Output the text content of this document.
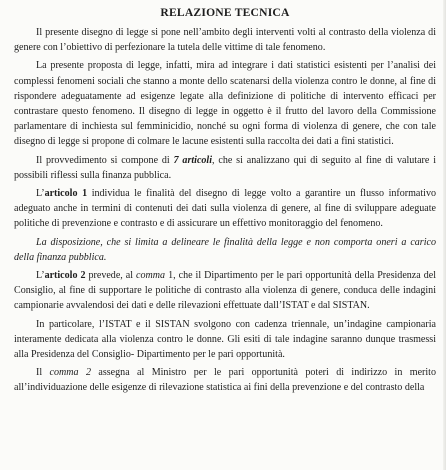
RELAZIONE TECNICA

Il presente disegno di legge si pone nell’ambito degli interventi volti al contrasto della violenza di genere con l’obiettivo di perfezionare la tutela delle vittime di tale fenomeno.

La presente proposta di legge, infatti, mira ad integrare i dati statistici esistenti per l’analisi dei complessi fenomeni sociali che stanno a monte dello scatenarsi della violenza contro le donne, al fine di rispondere adeguatamente ad esigenze legate alla definizione di politiche di intervento efficaci per contrastare questo fenomeno. Il disegno di legge in oggetto è il frutto del lavoro della Commissione parlamentare di inchiesta sul femminicidio, nonché su ogni forma di violenza di genere, che con tale disegno di legge si propone di colmare le lacune esistenti sulla raccolta dei dati a fini statistici.

Il provvedimento si compone di 7 articoli, che si analizzano qui di seguito al fine di valutare i possibili riflessi sulla finanza pubblica.

L’articolo 1 individua le finalità del disegno di legge volto a garantire un flusso informativo adeguato anche in termini di contenuti dei dati sulla violenza di genere, al fine di sviluppare adeguate politiche di prevenzione e contrasto e di assicurare un effettivo monitoraggio del fenomeno.

La disposizione, che si limita a delineare le finalità della legge e non comporta oneri a carico della finanza pubblica.

L’articolo 2 prevede, al comma 1, che il Dipartimento per le pari opportunità della Presidenza del Consiglio, al fine di supportare le politiche di contrasto alla violenza di genere, conduca delle indagini campionarie avvalendosi dei dati e delle rilevazioni effettuate dall’ISTAT e dal SISTAN.

In particolare, l’ISTAT e il SISTAN svolgono con cadenza triennale, un’indagine campionaria interamente dedicata alla violenza contro le donne. Gli esiti di tale indagine saranno dunque trasmessi alla Presidenza del Consiglio- Dipartimento per le pari opportunità.

Il comma 2 assegna al Ministro per le pari opportunità poteri di indirizzo in merito all’individuazione delle esigenze di rilevazione statistica ai fini della prevenzione e del contrasto della
